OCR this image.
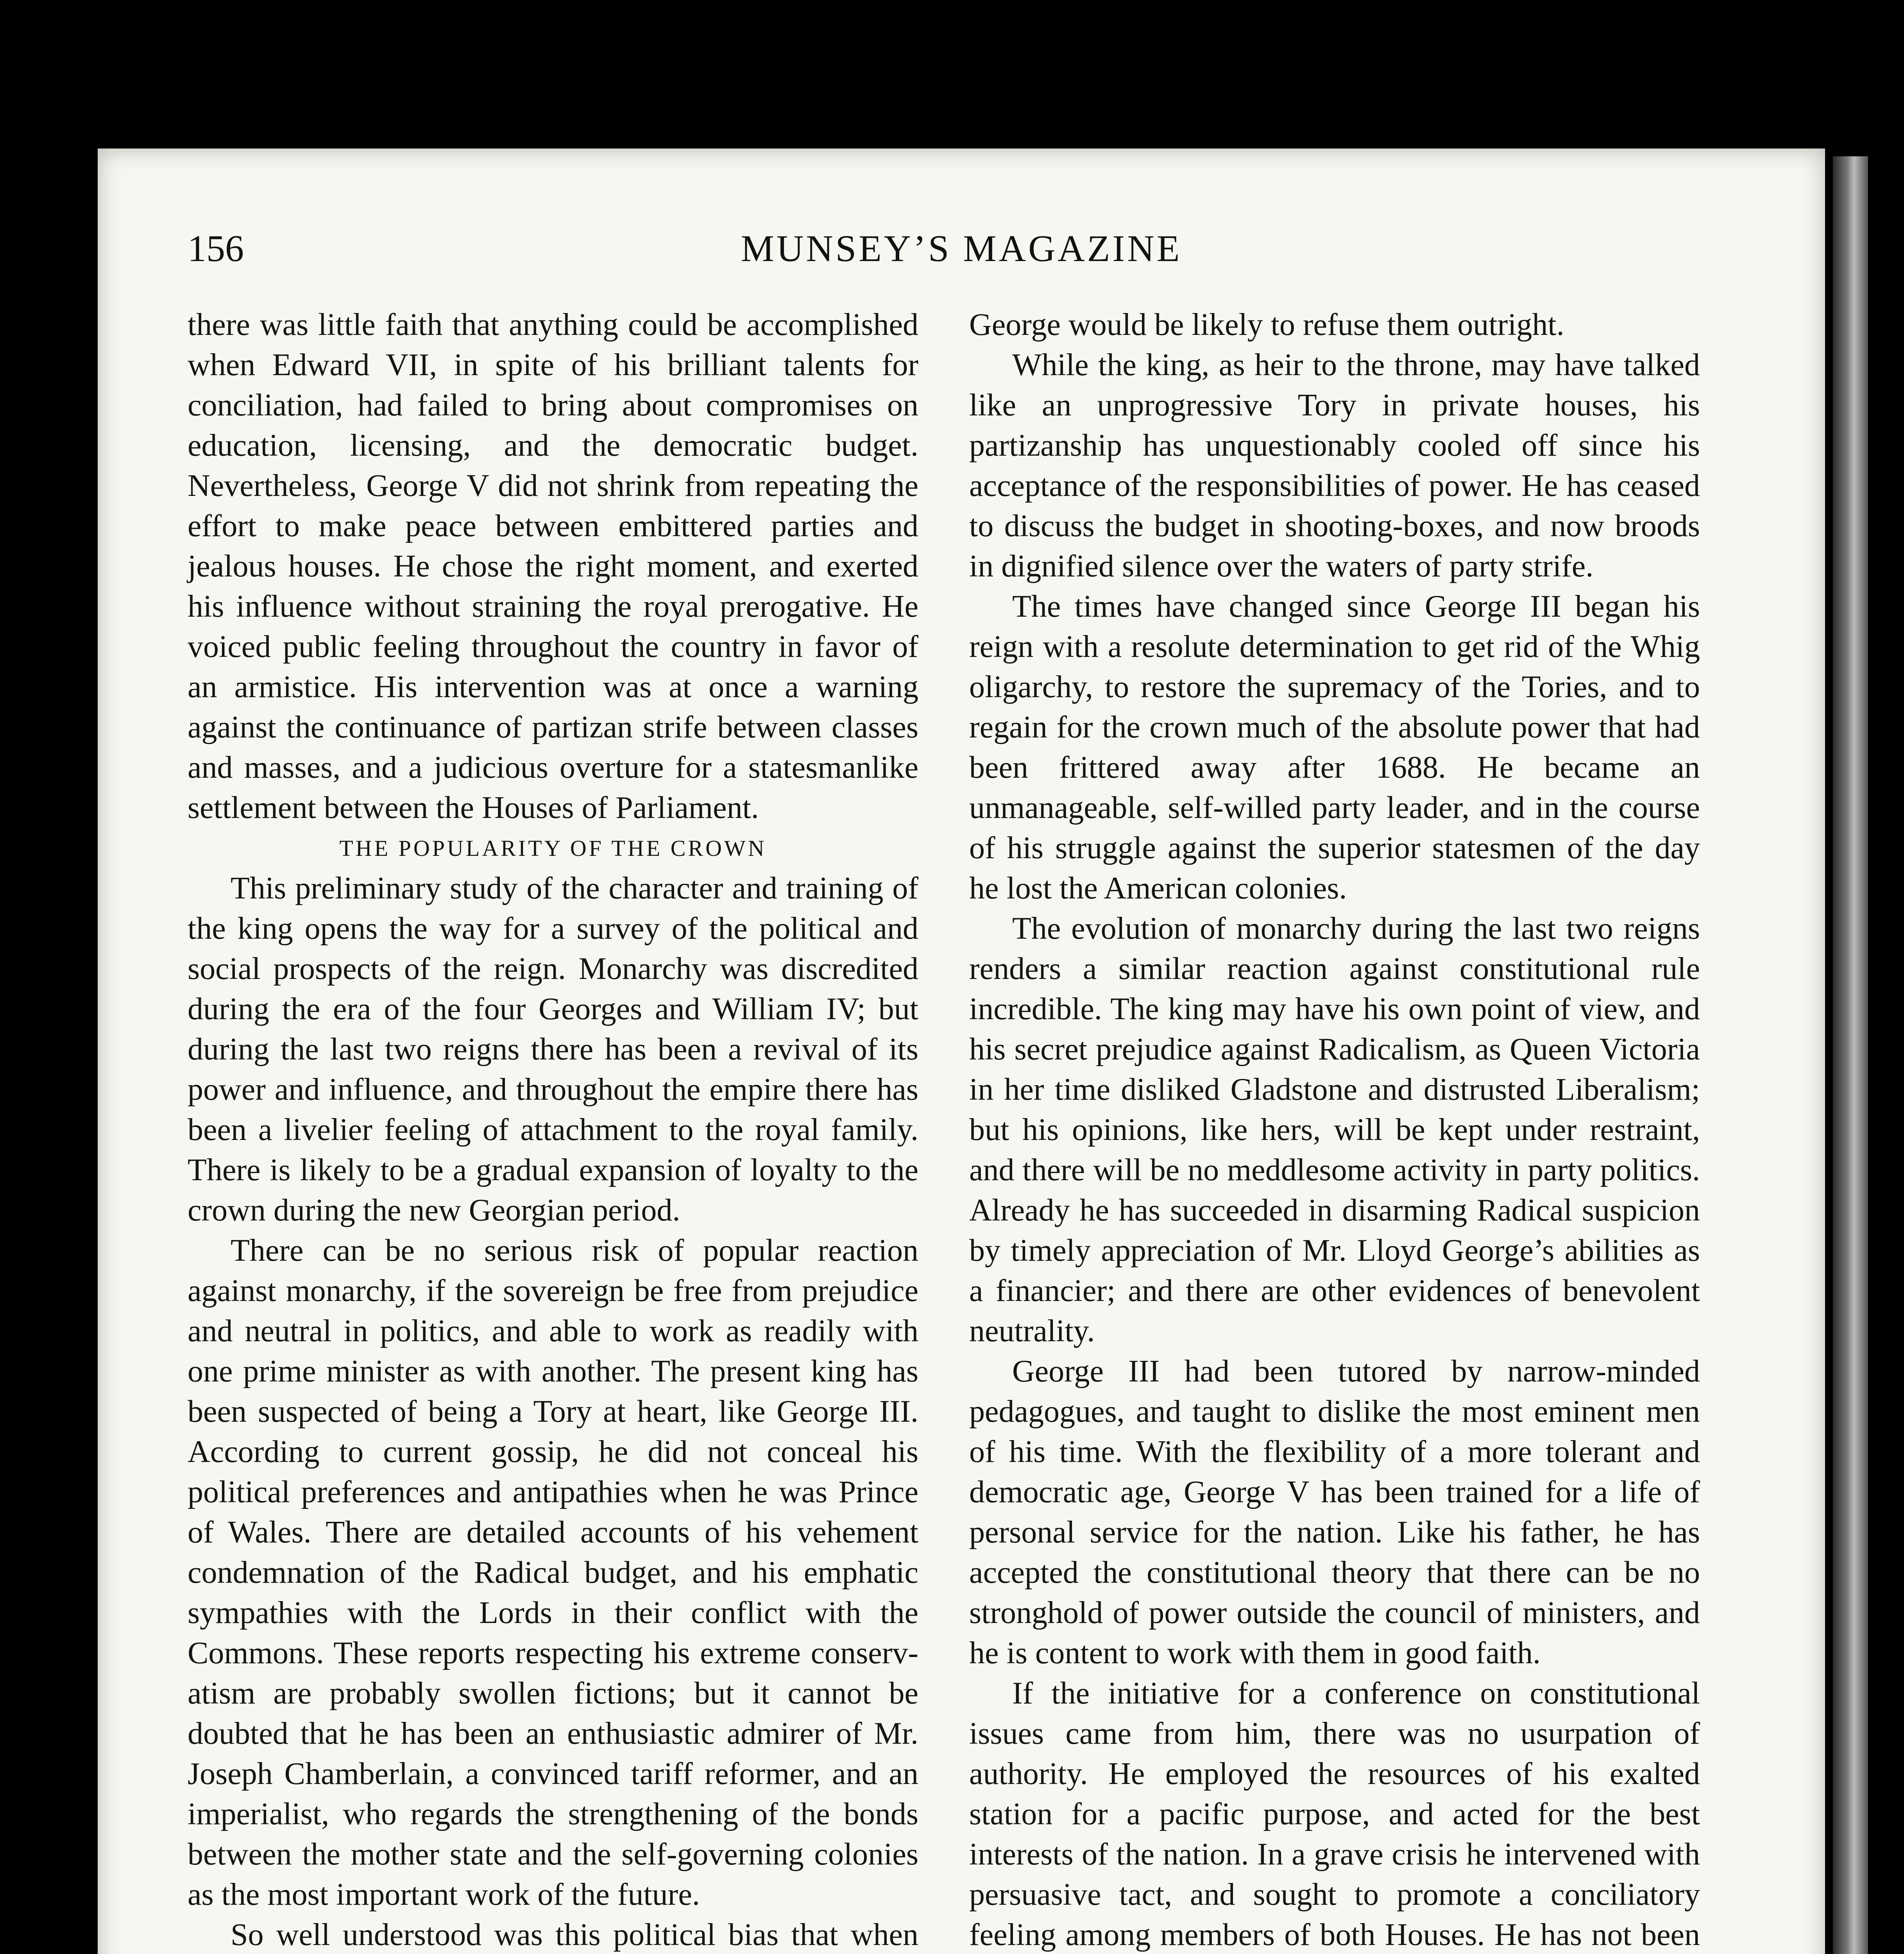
156	MUNSEY’S MAGAZINE

there was little faith that anything could be accomplished when Edward VII, in spite of his brilliant talents for conciliation, had failed to bring about compromises on education, licensing, and the democratic budget. Nevertheless, George V did not shrink from repeating the effort to make peace between embittered parties and jealous houses. He chose the right moment, and exerted his influence without straining the royal prerogative. He voiced public feeling throughout the country in favor of an armistice. His intervention was at once a warning against the continuance of partizan strife between classes and masses, and a judicious overture for a statesmanlike settlement between the Houses of Parliament.

THE POPULARITY OF THE CROWN

This preliminary study of the character and training of the king opens the way for a survey of the political and social prospects of the reign. Monarchy was discredited during the era of the four Georges and William IV; but during the last two reigns there has been a revival of its power and influence, and throughout the empire there has been a livelier feeling of attachment to the royal family. There is likely to be a gradual expansion of loyalty to the crown during the new Georgian period.

There can be no serious risk of popular reaction against monarchy, if the sovereign be free from prejudice and neutral in politics, and able to work as readily with one prime minister as with another. The present king has been suspected of being a Tory at heart, like George III. According to current gossip, he did not conceal his political preferences and antipathies when he was Prince of Wales. There are detailed accounts of his vehement condemnation of the Radical budget, and his emphatic sympathies with the Lords in their conflict with the Commons. These reports respecting his extreme conservatism are probably swollen fictions; but it cannot be doubted that he has been an enthusiastic admirer of Mr. Joseph Chamberlain, a convinced tariff reformer, and an imperialist, who regards the strengthening of the bonds between the mother state and the self-governing colonies as the most important work of the future.

So well understood was this political bias that when

George would be likely to refuse them outright.

While the king, as heir to the throne, may have talked like an unprogressive Tory in private houses, his partizanship has unquestionably cooled off since his acceptance of the responsibilities of power. He has ceased to discuss the budget in shooting-boxes, and now broods in dignified silence over the waters of party strife.

The times have changed since George III began his reign with a resolute determination to get rid of the Whig oligarchy, to restore the supremacy of the Tories, and to regain for the crown much of the absolute power that had been frittered away after 1688. He became an unmanageable, self-willed party leader, and in the course of his struggle against the superior statesmen of the day he lost the American colonies.

The evolution of monarchy during the last two reigns renders a similar reaction against constitutional rule incredible. The king may have his own point of view, and his secret prejudice against Radicalism, as Queen Victoria in her time disliked Gladstone and distrusted Liberalism; but his opinions, like hers, will be kept under restraint, and there will be no meddlesome activity in party politics. Already he has succeeded in disarming Radical suspicion by timely appreciation of Mr. Lloyd George’s abilities as a financier; and there are other evidences of benevolent neutrality.

George III had been tutored by narrow-minded pedagogues, and taught to dislike the most eminent men of his time. With the flexibility of a more tolerant and democratic age, George V has been trained for a life of personal service for the nation. Like his father, he has accepted the constitutional theory that there can be no stronghold of power outside the council of ministers, and he is content to work with them in good faith.

If the initiative for a conference on constitutional issues came from him, there was no usurpation of authority. He employed the resources of his exalted station for a pacific purpose, and acted for the best interests of the nation. In a grave crisis he intervened with persuasive tact, and sought to promote a conciliatory feeling among members of both Houses. He has not been
